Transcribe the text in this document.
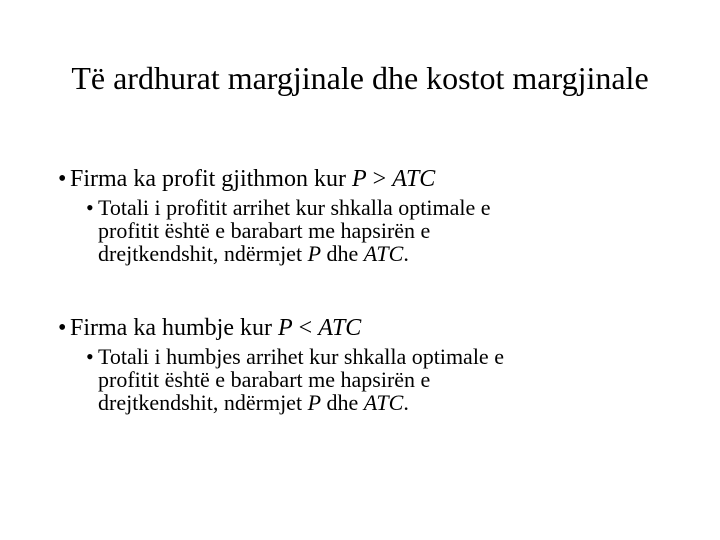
Të ardhurat margjinale dhe kostot margjinale
• Firma ka profit gjithmon kur P > ATC
• Totali i profitit arrihet kur shkalla optimale e
profitit është e barabart me hapsirën e
drejtkendshit, ndërmjet P dhe ATC.
• Firma ka humbje kur P < ATC
• Totali i humbjes arrihet kur shkalla optimale e
profitit është e barabart me hapsirën e
drejtkendshit, ndërmjet P dhe ATC.
